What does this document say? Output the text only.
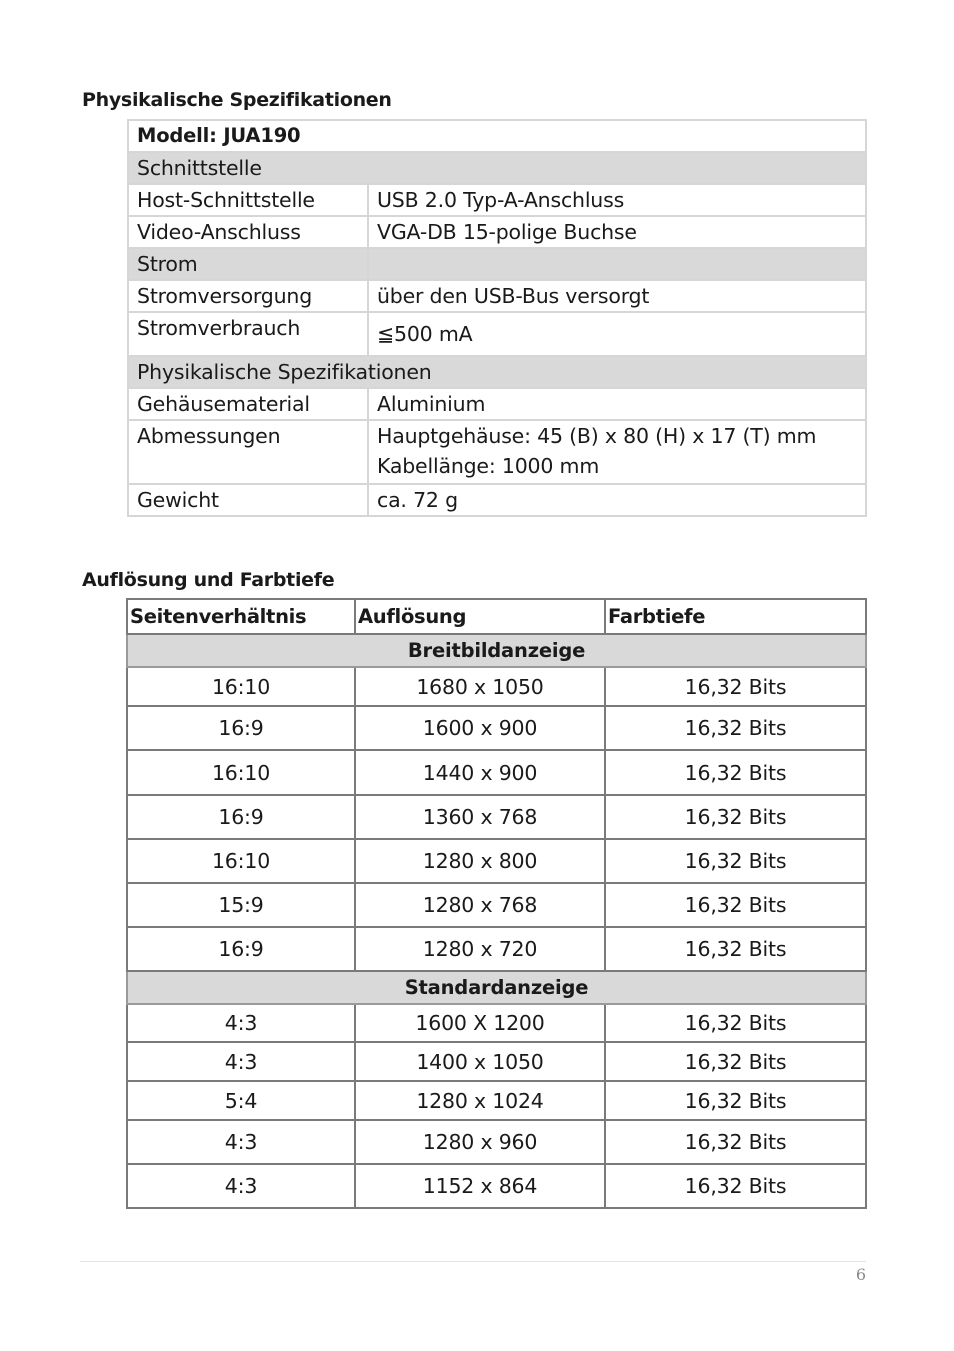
Physikalische Spezifikationen
Modell: JUA190	
Schnittstelle	
Host-Schnittstelle	USB 2.0 Typ-A-Anschluss
Video-Anschluss	VGA-DB 15-polige Buchse
Strom	
Stromversorgung	über den USB-Bus versorgt
Stromverbrauch	≦500 mA
Physikalische Spezifikationen	
Gehäusematerial	Aluminium
Abmessungen	Hauptgehäuse: 45 (B) x 80 (H) x 17 (T) mm
Kabellänge: 1000 mm

Gewicht	ca. 72 g
Auflösung und Farbtiefe
Seitenverhältnis	Auflösung	Farbtiefe
Breitbildanzeige		
16:10	1680 x 1050	16,32 Bits
16:9	1600 x 900	16,32 Bits
16:10	1440 x 900	16,32 Bits
16:9	1360 x 768	16,32 Bits
16:10	1280 x 800	16,32 Bits
15:9	1280 x 768	16,32 Bits
16:9	1280 x 720	16,32 Bits
Standardanzeige		
4:3	1600 X 1200	16,32 Bits
4:3	1400 x 1050	16,32 Bits
5:4	1280 x 1024	16,32 Bits
4:3	1280 x 960	16,32 Bits
4:3	1152 x 864	16,32 Bits
6
